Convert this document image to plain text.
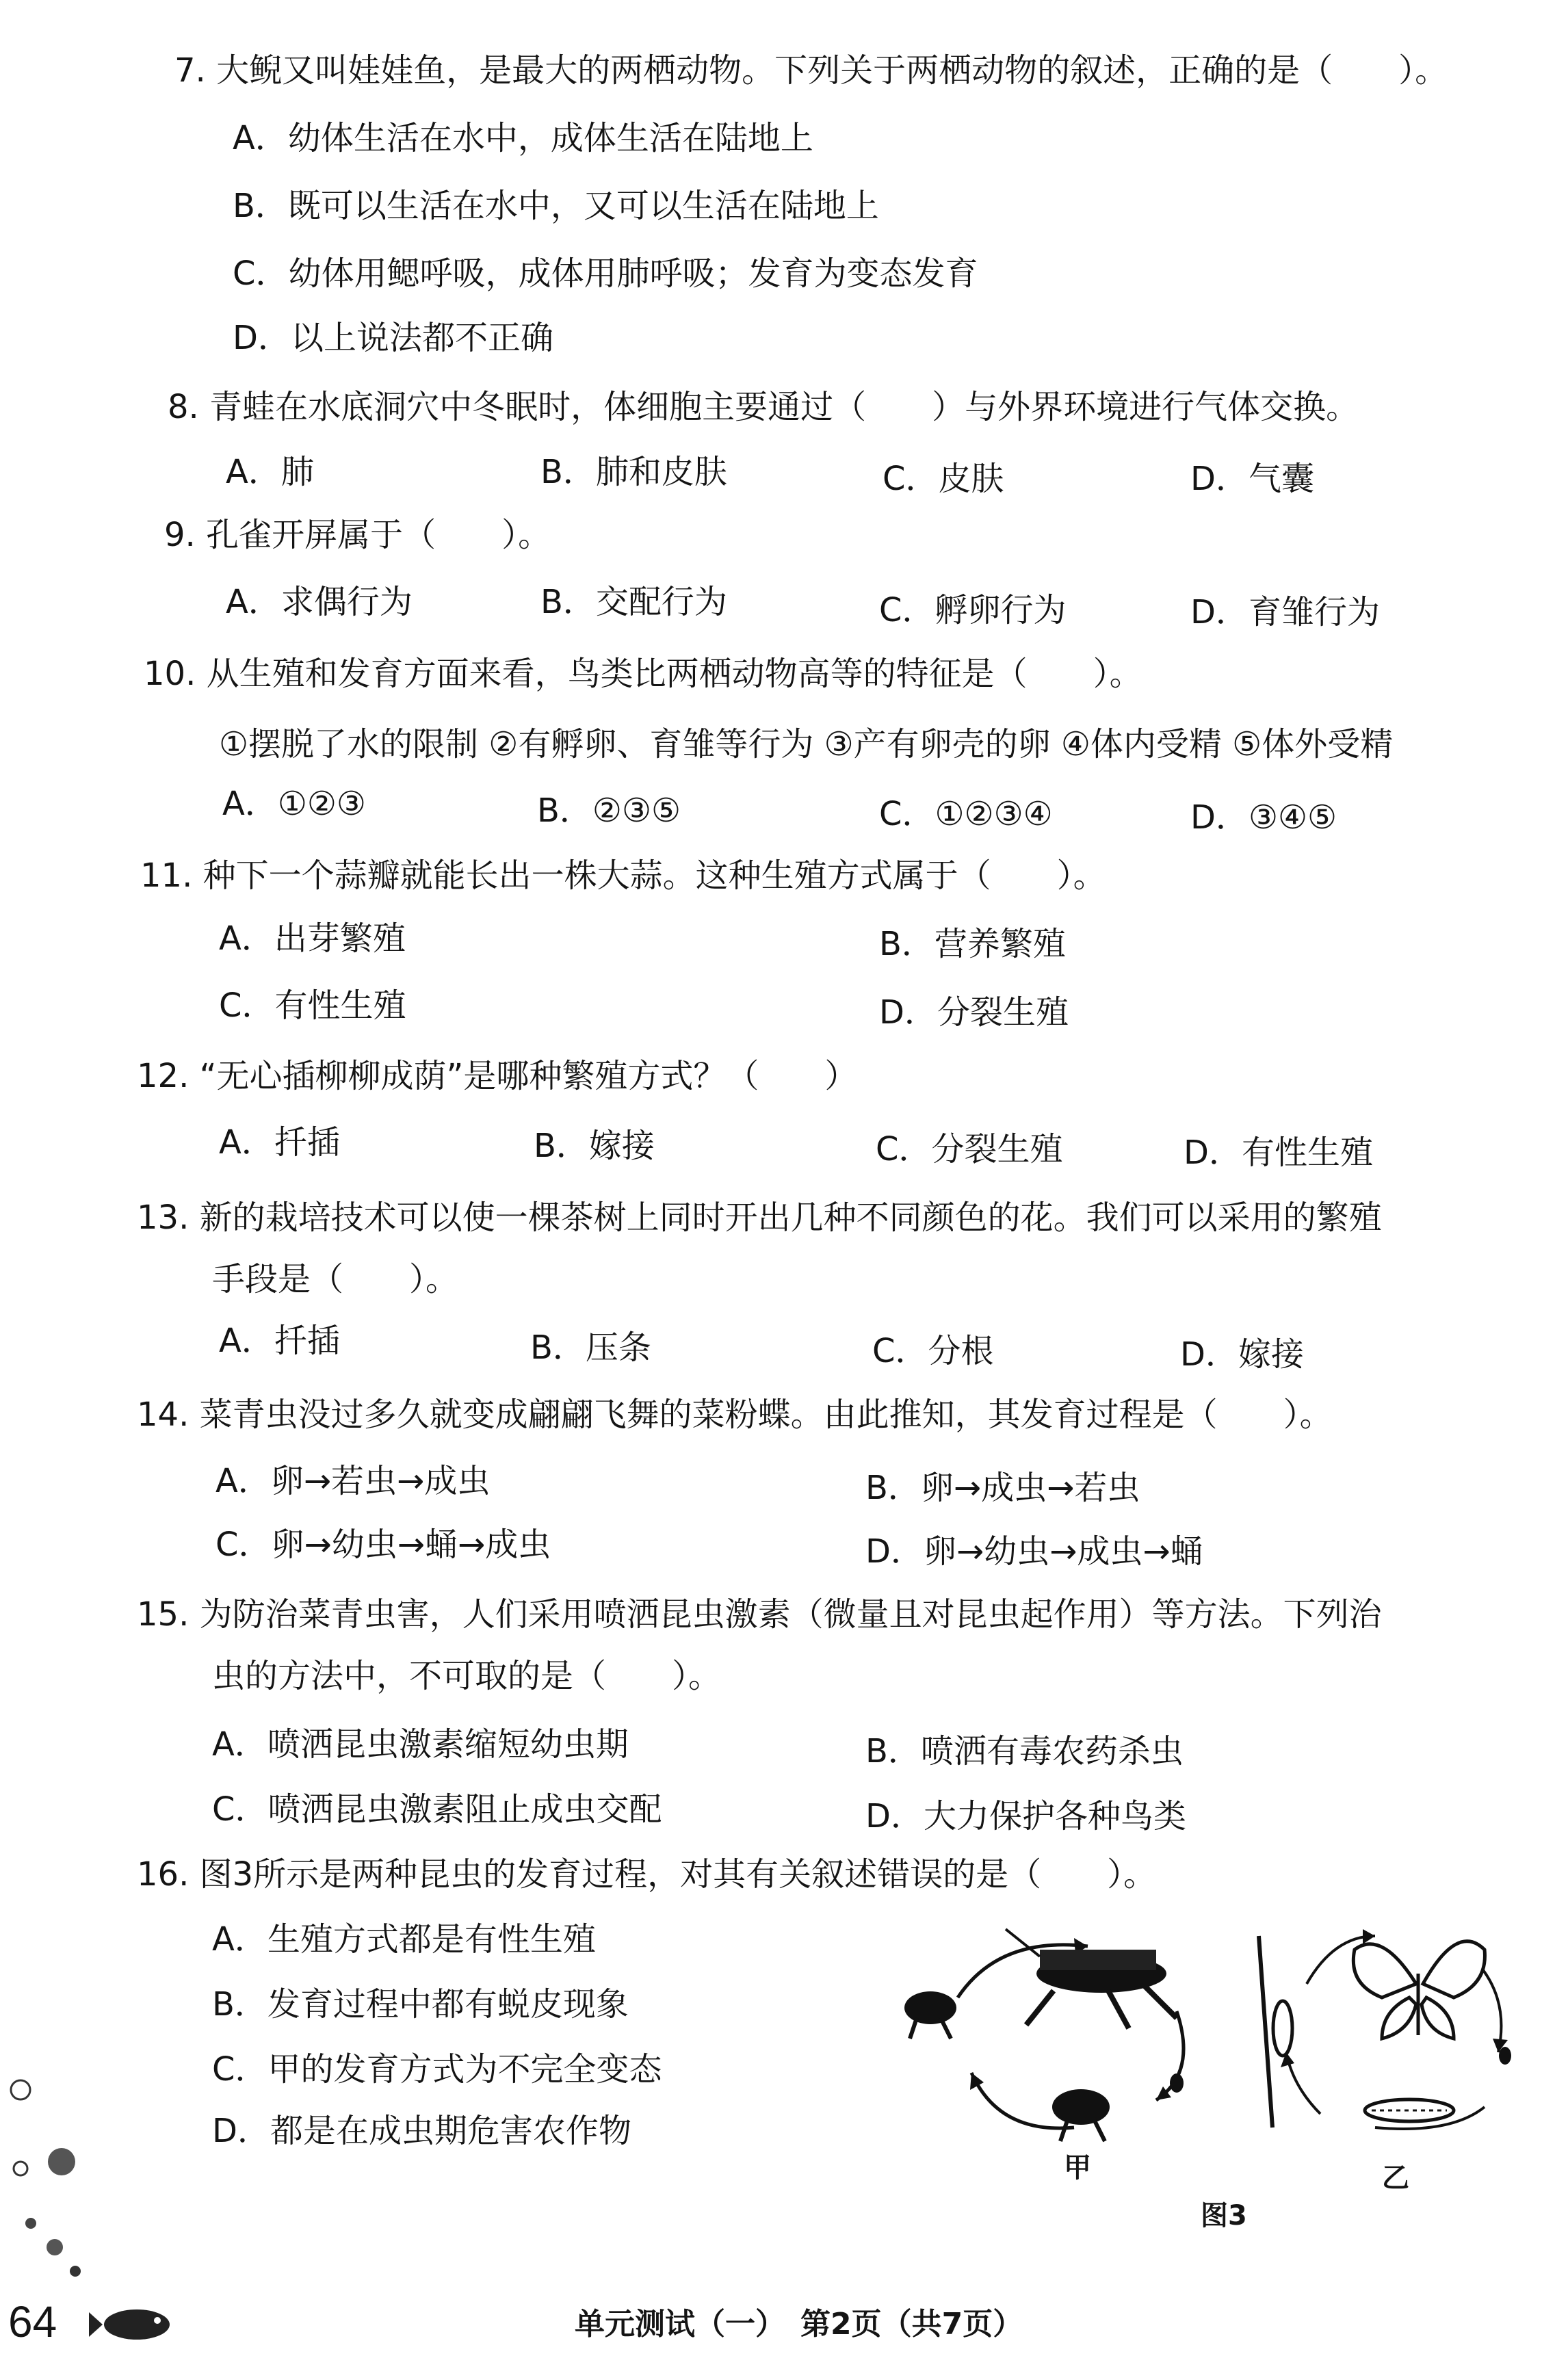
7. 大鲵又叫娃娃鱼，是最大的两栖动物。下列关于两栖动物的叙述，正确的是（　　）。
A．幼体生活在水中，成体生活在陆地上
B．既可以生活在水中，又可以生活在陆地上
C．幼体用鳃呼吸，成体用肺呼吸；发育为变态发育
D．以上说法都不正确
8. 青蛙在水底洞穴中冬眠时，体细胞主要通过（　　）与外界环境进行气体交换。
A．肺	B．肺和皮肤	C．皮肤	D．气囊
9. 孔雀开屏属于（　　）。
A．求偶行为	B．交配行为	C．孵卵行为	D．育雏行为
10. 从生殖和发育方面来看，鸟类比两栖动物高等的特征是（　　）。
①摆脱了水的限制 ②有孵卵、育雏等行为 ③产有卵壳的卵 ④体内受精 ⑤体外受精
A．①②③	B．②③⑤	C．①②③④	D．③④⑤
11. 种下一个蒜瓣就能长出一株大蒜。这种生殖方式属于（　　）。
A．出芽繁殖	B．营养繁殖
C．有性生殖	D．分裂生殖
12. “无心插柳柳成荫”是哪种繁殖方式？（　　）
A．扦插	B．嫁接	C．分裂生殖	D．有性生殖
13. 新的栽培技术可以使一棵茶树上同时开出几种不同颜色的花。我们可以采用的繁殖
手段是（　　）。
A．扦插	B．压条	C．分根	D．嫁接
14. 菜青虫没过多久就变成翩翩飞舞的菜粉蝶。由此推知，其发育过程是（　　）。
A．卵→若虫→成虫	B．卵→成虫→若虫
C．卵→幼虫→蛹→成虫	D．卵→幼虫→成虫→蛹
15. 为防治菜青虫害，人们采用喷洒昆虫激素（微量且对昆虫起作用）等方法。下列治
虫的方法中，不可取的是（　　）。
A．喷洒昆虫激素缩短幼虫期	B．喷洒有毒农药杀虫
C．喷洒昆虫激素阻止成虫交配	D．大力保护各种鸟类
16. 图3所示是两种昆虫的发育过程，对其有关叙述错误的是（　　）。
A．生殖方式都是有性生殖
B．发育过程中都有蜕皮现象
C．甲的发育方式为不完全变态
D．都是在成虫期危害农作物
甲	乙
图3
64	单元测试（一）　第2页（共7页）
